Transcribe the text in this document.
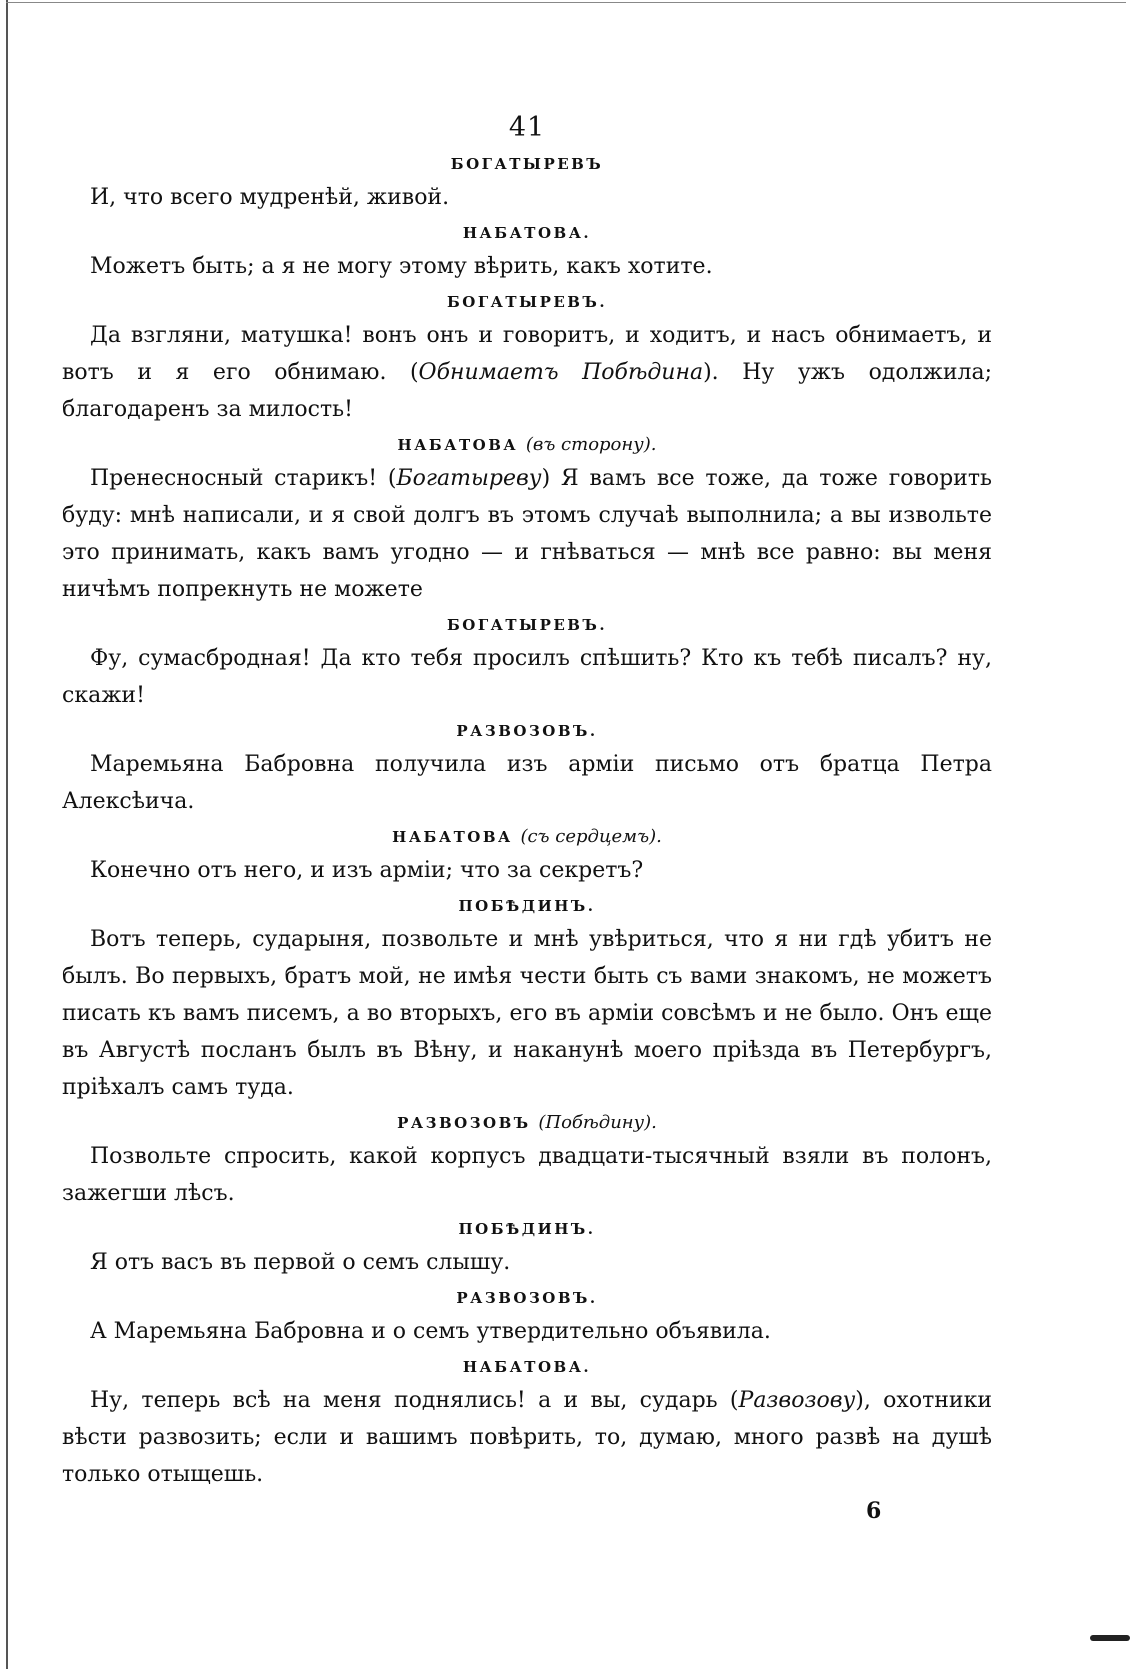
41
БОГАТЫРЕВЪ

И, что всего мудренѣй, живой.

НАБАТОВА.

Можетъ быть; а я не могу этому вѣрить, какъ хотите.

БОГАТЫРЕВЪ.

Да взгляни, матушка! вонъ онъ и говоритъ, и ходитъ, и насъ обнимаетъ, и вотъ и я его обнимаю. (Обнимаетъ Побѣдина). Ну ужъ одолжила; благодаренъ за милость!

НАБАТОВА (въ сторону).

Пренесносный старикъ! (Богатыреву) Я вамъ все тоже, да тоже говорить буду: мнѣ написали, и я свой долгъ въ этомъ случаѣ выполнила; а вы извольте это принимать, какъ вамъ угодно — и гнѣваться — мнѣ все равно: вы меня ничѣмъ попрекнуть не можете

БОГАТЫРЕВЪ.

Фу, сумасбродная! Да кто тебя просилъ спѣшить? Кто къ тебѣ писалъ? ну, скажи!

РАЗВОЗОВЪ.

Маремьяна Бабровна получила изъ арміи письмо отъ братца Петра Алексѣича.

НАБАТОВА (съ сердцемъ).

Конечно отъ него, и изъ арміи; что за секретъ?

ПОБѢДИНЪ.

Вотъ теперь, сударыня, позвольте и мнѣ увѣриться, что я ни гдѣ убитъ не былъ. Во первыхъ, братъ мой, не имѣя чести быть съ вами знакомъ, не можетъ писать къ вамъ писемъ, а во вторыхъ, его въ арміи совсѣмъ и не было. Онъ еще въ Августѣ посланъ былъ въ Вѣну, и наканунѣ моего пріѣзда въ Петербургъ, пріѣхалъ самъ туда.

РАЗВОЗОВЪ (Побѣдину).

Позвольте спросить, какой корпусъ двадцати-тысячный взяли въ полонъ, зажегши лѣсъ.

ПОБѢДИНЪ.

Я отъ васъ въ первой о семъ слышу.

РАЗВОЗОВЪ.

А Маремьяна Бабровна и о семъ утвердительно объявила.

НАБАТОВА.

Ну, теперь всѣ на меня поднялись! а и вы, сударь (Развозову), охотники вѣсти развозить; если и вашимъ повѣрить, то, думаю, много развѣ на душѣ только отыщешь.

6
